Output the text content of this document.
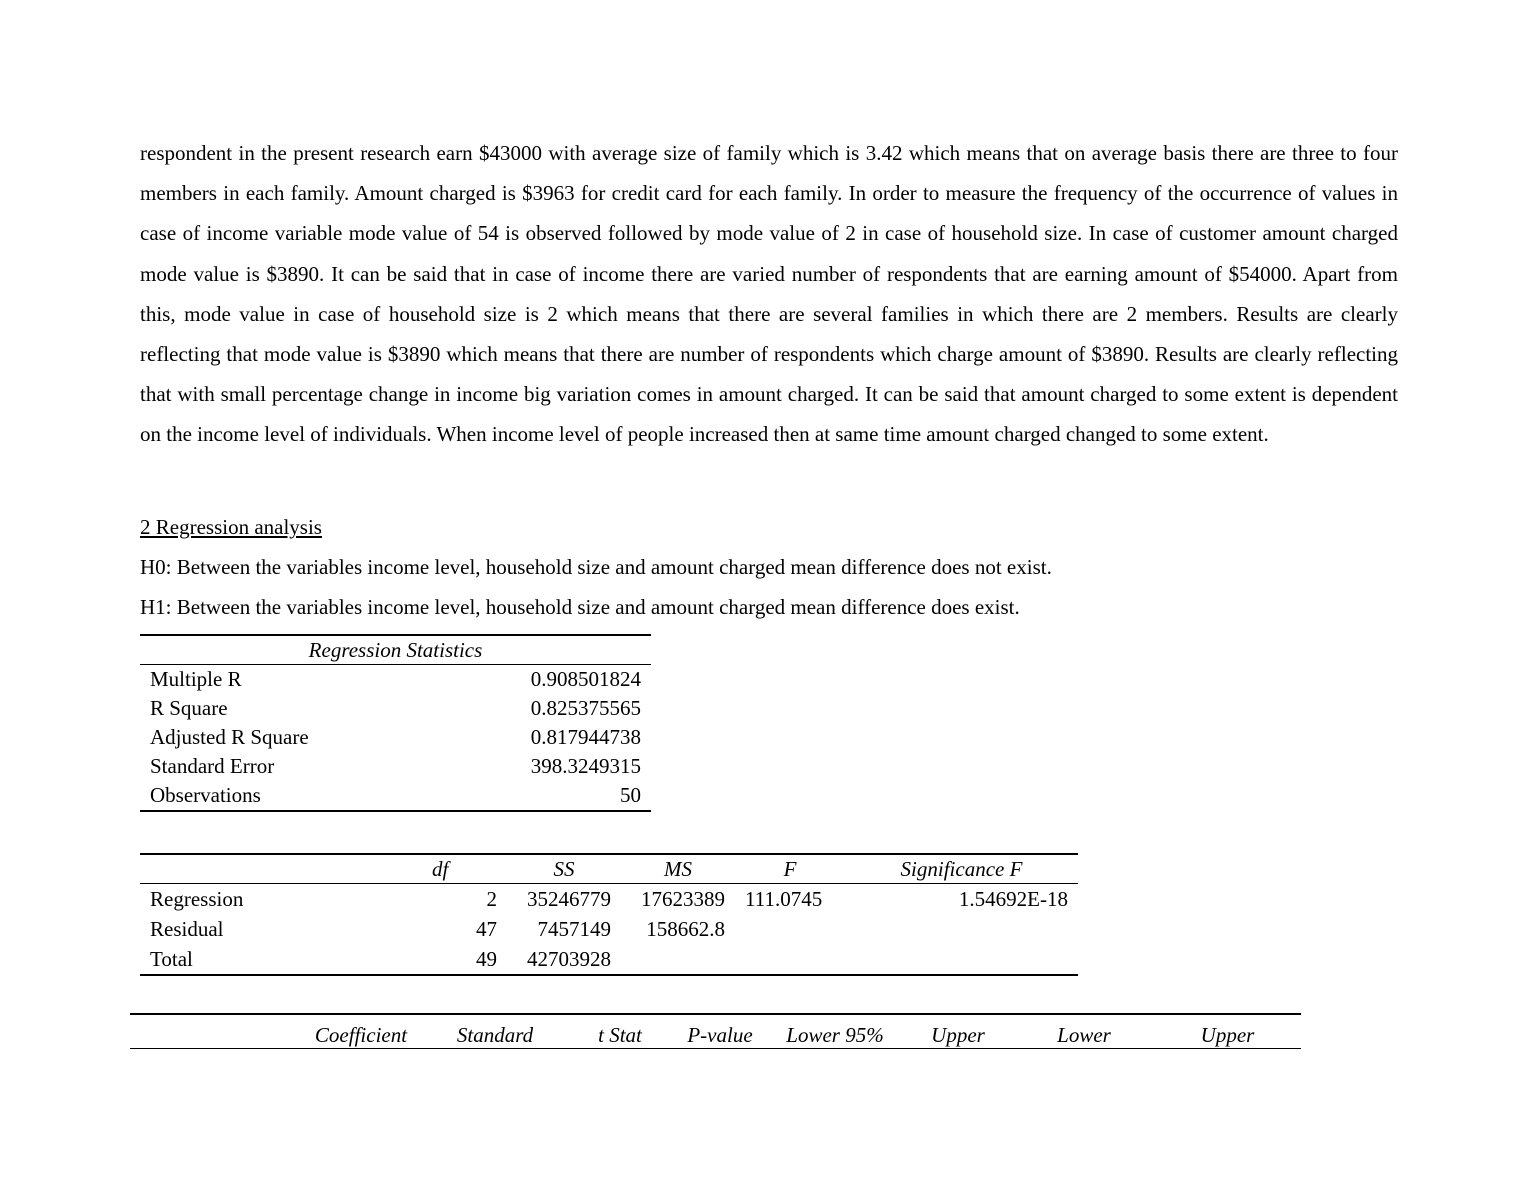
respondent in the present research earn $43000 with average size of family which is 3.42 which means that on average basis there are three to four members in each family. Amount charged is $3963 for credit card for each family. In order to measure the frequency of the occurrence of values in case of income variable mode value of 54 is observed followed by mode value of 2 in case of household size. In case of customer amount charged mode value is $3890. It can be said that in case of income there are varied number of respondents that are earning amount of $54000. Apart from this, mode value in case of household size is 2 which means that there are several families in which there are 2 members. Results are clearly reflecting that mode value is $3890 which means that there are number of respondents which charge amount of $3890. Results are clearly reflecting that with small percentage change in income big variation comes in amount charged. It can be said that amount charged to some extent is dependent on the income level of individuals. When income level of people increased then at same time amount charged changed to some extent.

2 Regression analysis

H0: Between the variables income level, household size and amount charged mean difference does not exist.

H1: Between the variables income level, household size and amount charged mean difference does exist.

Regression Statistics	
Multiple R	0.908501824
R Square	0.825375565
Adjusted R Square	0.817944738
Standard Error	398.3249315
Observations	50
	df	SS	MS	F	Significance F
Regression	2	35246779	17623389	111.0745	1.54692E-18
Residual	47	7457149	158662.8		
Total	49	42703928			
	Coefficient	Standard	t Stat	P-value	Lower 95%	Upper	Lower	Upper
